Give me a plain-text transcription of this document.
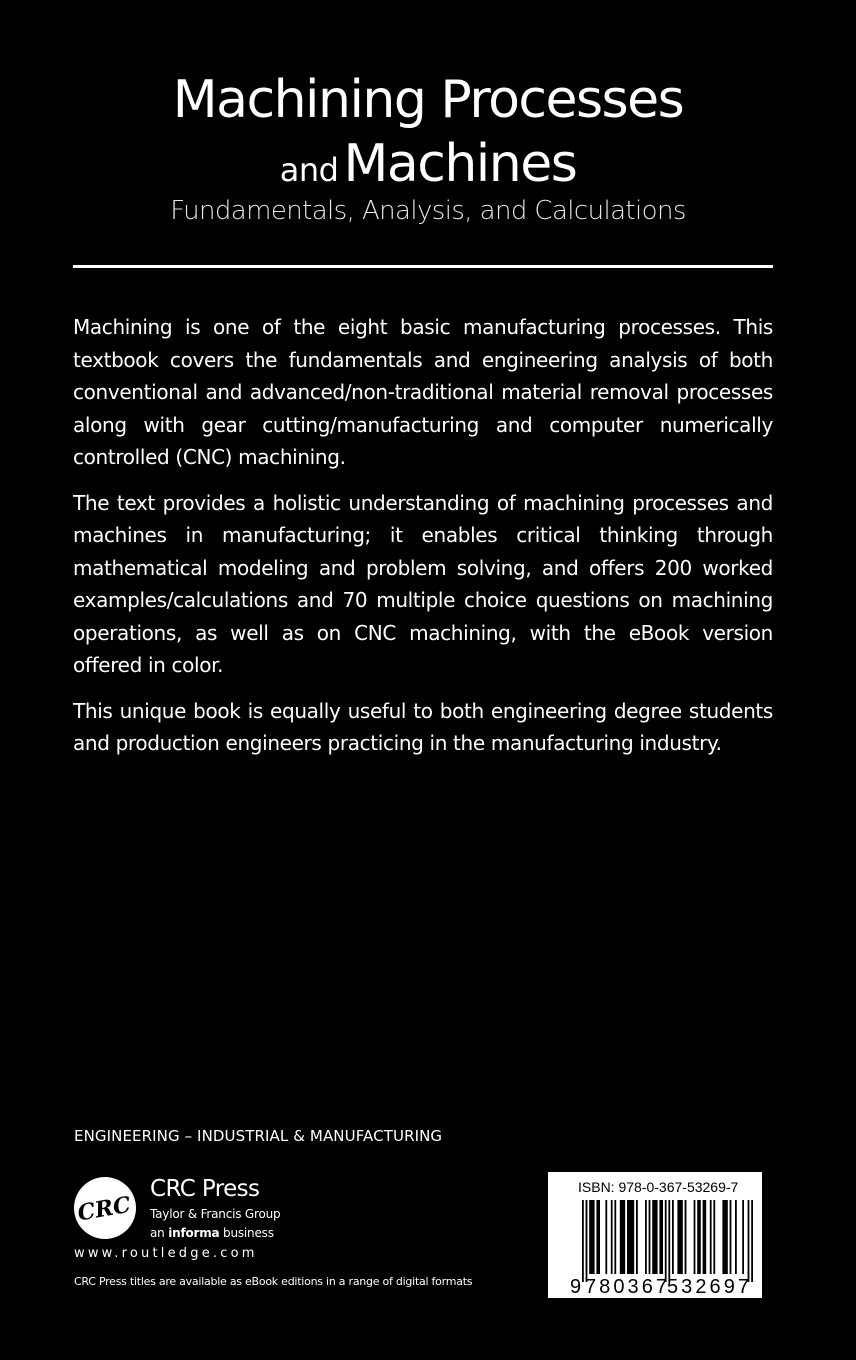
Machining Processes
and Machines
Fundamentals, Analysis, and Calculations

Machining is one of the eight basic manufacturing processes. This textbook covers the fundamentals and engineering analysis of both conventional and advanced/non-traditional material removal processes along with gear cutting/manufacturing and computer numerically controlled (CNC) machining.

The text provides a holistic understanding of machining processes and machines in manufacturing; it enables critical thinking through mathematical modeling and problem solving, and offers 200 worked examples/calculations and 70 multiple choice questions on machining operations, as well as on CNC machining, with the eBook version offered in color.

This unique book is equally useful to both engineering degree students and production engineers practicing in the manufacturing industry.

ENGINEERING – INDUSTRIAL & MANUFACTURING
CRC
CRC Press
Taylor & Francis Group
an informa business
www.routledge.com
CRC Press titles are available as eBook editions in a range of digital formats
ISBN: 978-0-367-53269-7
9 780367 532697
